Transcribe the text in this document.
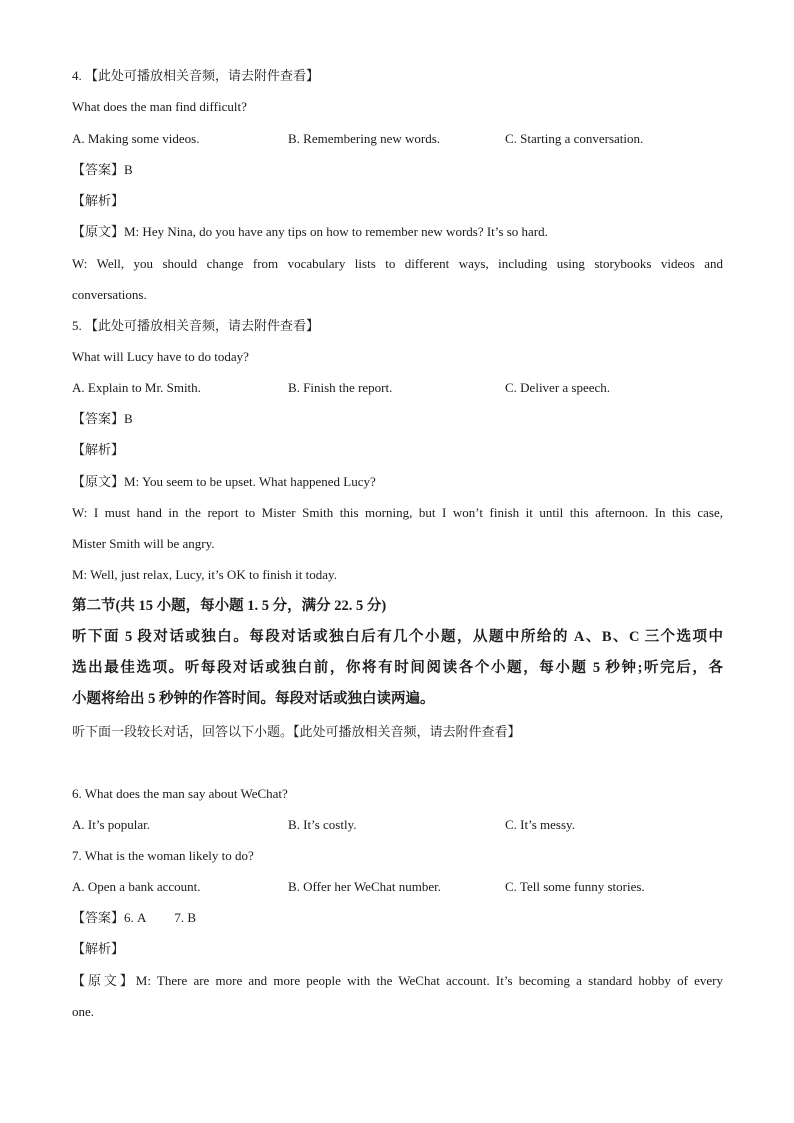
4. 【此处可播放相关音频，请去附件查看】
What does the man find difficult?
A. Making some videos.	B. Remembering new words.	C. Starting a conversation.
【答案】B
【解析】
【原文】M: Hey Nina, do you have any tips on how to remember new words? It’s so hard.
W: Well, you should change from vocabulary lists to different ways, including using storybooks videos and
conversations.
5. 【此处可播放相关音频，请去附件查看】
What will Lucy have to do today?
A. Explain to Mr. Smith.	B. Finish the report.	C. Deliver a speech.
【答案】B
【解析】
【原文】M: You seem to be upset. What happened Lucy?
W: I must hand in the report to Mister Smith this morning, but I won’t finish it until this afternoon. In this case,
Mister Smith will be angry.
M: Well, just relax, Lucy, it’s OK to finish it today.
第二节(共 15 小题，每小题 1. 5 分，满分 22. 5 分)
听下面 5 段对话或独白。每段对话或独白后有几个小题，从题中所给的 A、B、C 三个选项中
选出最佳选项。听每段对话或独白前，你将有时间阅读各个小题，每小题 5 秒钟;听完后，各
小题将给出 5 秒钟的作答时间。每段对话或独白读两遍。
听下面一段较长对话，回答以下小题。【此处可播放相关音频，请去附件查看】
6. What does the man say about WeChat?
A. It’s popular.	B. It’s costly.	C. It’s messy.
7. What is the woman likely to do?
A. Open a bank account.	B. Offer her WeChat number.	C. Tell some funny stories.
【答案】6. A 7. B
【解析】
【原文】M: There are more and more people with the WeChat account. It’s becoming a standard hobby of every
one.
